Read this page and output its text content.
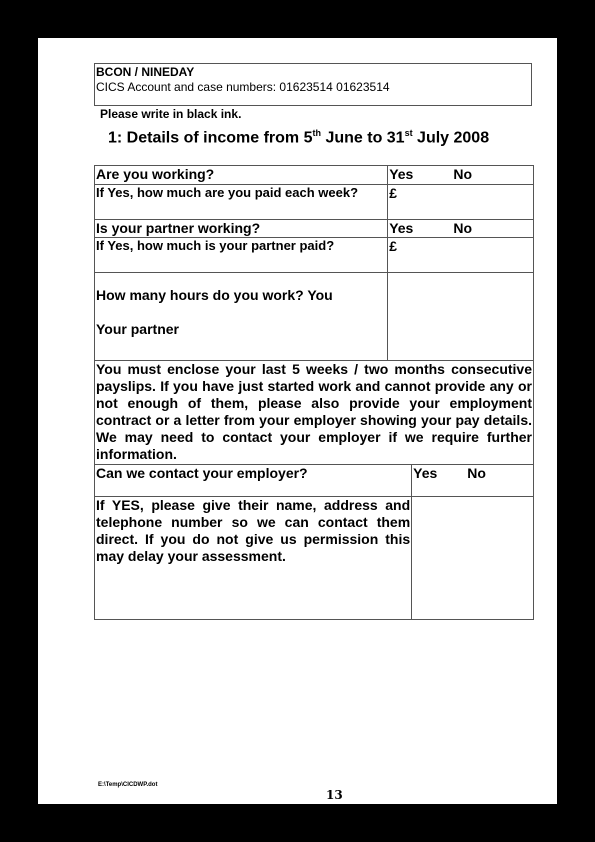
BCON / NINEDAY
CICS Account and case numbers: 01623514 01623514
Please write in black ink.
1: Details of income from 5th June to 31st July 2008
Are you working?	Yes No
If Yes, how much are you paid each week?	£
Is your partner working?	Yes No
If Yes, how much is your partner paid?	£

How many hours do you work? You
Your partner	

You must enclose your last 5 weeks / two months consecutive payslips. If you have just started work and cannot provide any or not enough of them, please also provide your employment contract or a letter from your employer showing your pay details. We may need to contact your employer if we require further information.	
Can we contact your employer?	Yes No
If YES, please give their name, address and telephone number so we can contact them direct. If you do not give us permission this may delay your assessment.	
E:\Temp\CICDWP.dot
13
